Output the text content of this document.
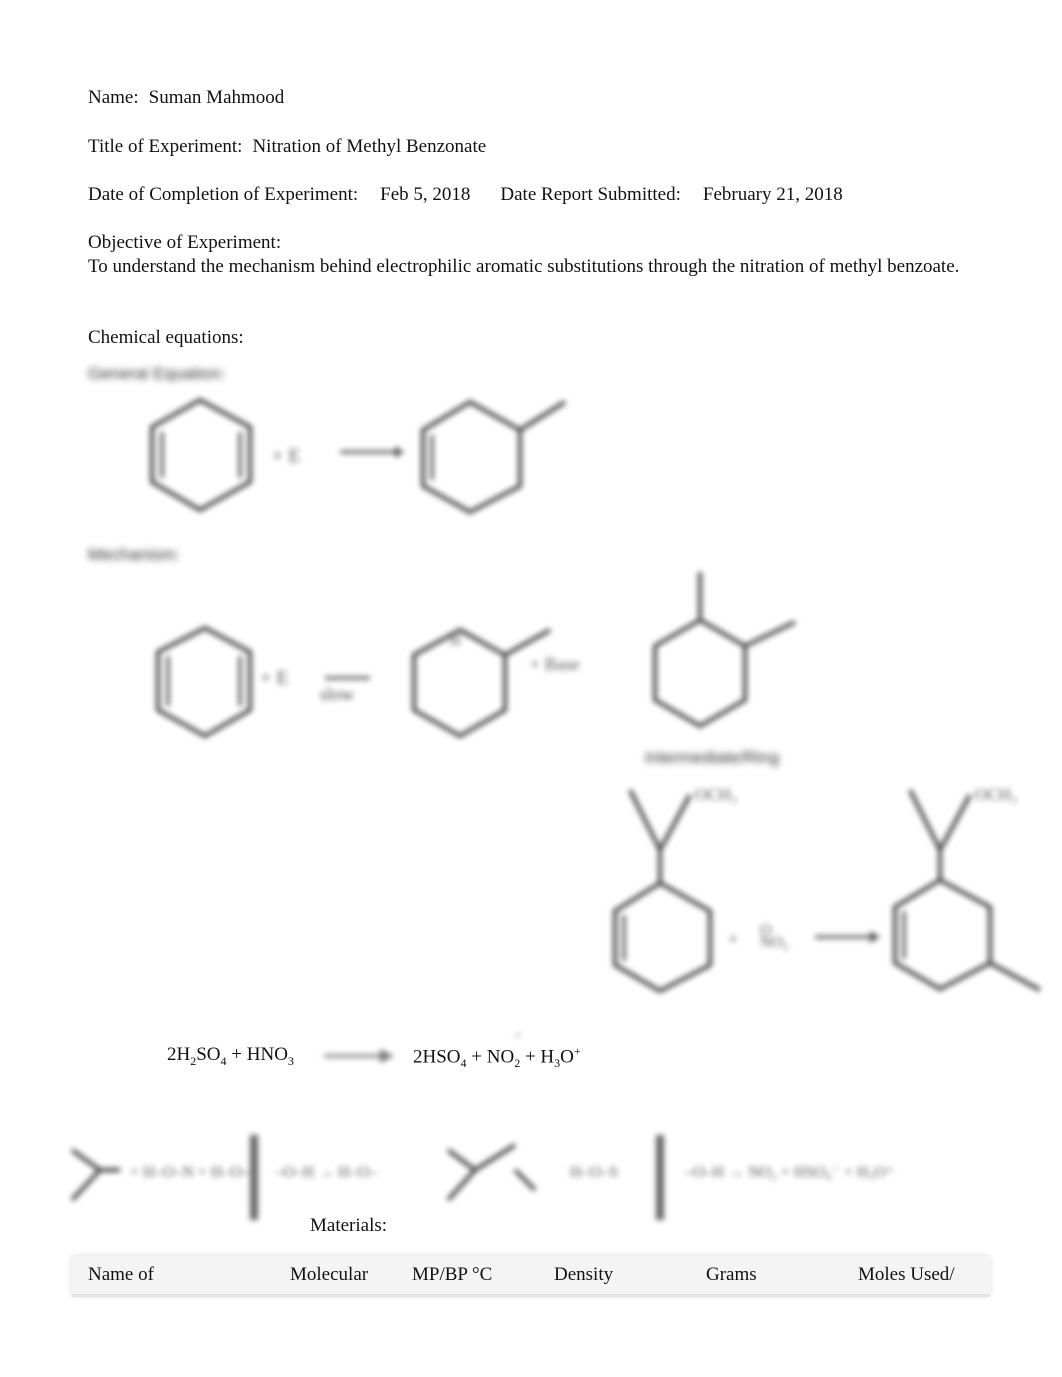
Name: Suman Mahmood
Title of Experiment: Nitration of Methyl Benzonate
Date of Completion of Experiment: Feb 5, 2018 Date Report Submitted: February 21, 2018
Objective of Experiment:
To understand the mechanism behind electrophilic aromatic substitutions through the nitration of methyl benzoate.
Chemical equations:
General Equation:
+ E
Mechanism:
+ E
slow
H
+ Base
Intermediate/Ring
OCH₃
+ O
NO₂
OCH₃
$2H_2SO_4 + HNO_3$	$2HSO_4 + NO_2 + H_3O^+$
+
+ H–O–N + H–O– –O–H → H–O–	H–O–S	–O–H → NO₂ + HSO₄⁻ + H₃O⁺
Materials:
Name of	Molecular	MP/BP °C	Density	Grams	Moles Used/
